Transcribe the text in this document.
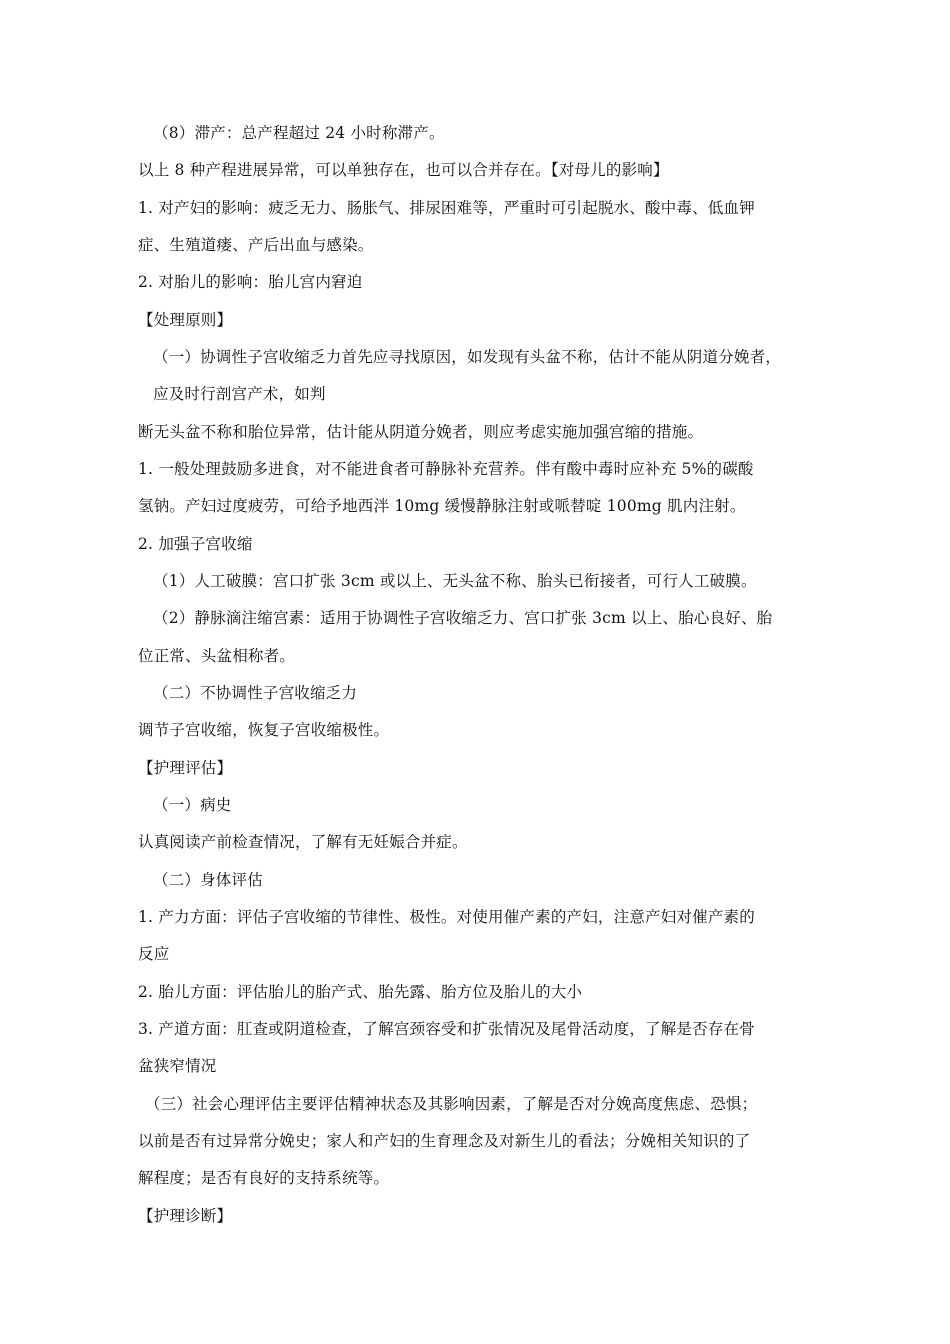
（8）滞产：总产程超过 24 小时称滞产。
以上 8 种产程进展异常，可以单独存在，也可以合并存在。【对母儿的影响】
1. 对产妇的影响：疲乏无力、肠胀气、排尿困难等，严重时可引起脱水、酸中毒、低血钾
症、生殖道瘘、产后出血与感染。
2. 对胎儿的影响：胎儿宫内窘迫
【处理原则】
（一）协调性子宫收缩乏力首先应寻找原因，如发现有头盆不称，估计不能从阴道分娩者，
应及时行剖宫产术，如判
断无头盆不称和胎位异常，估计能从阴道分娩者，则应考虑实施加强宫缩的措施。
1. 一般处理鼓励多进食，对不能进食者可静脉补充营养。伴有酸中毒时应补充 5%的碳酸
氢钠。产妇过度疲劳，可给予地西泮 10mg 缓慢静脉注射或哌替啶 100mg 肌内注射。
2. 加强子宫收缩
（1）人工破膜：宫口扩张 3cm 或以上、无头盆不称、胎头已衔接者，可行人工破膜。
（2）静脉滴注缩宫素：适用于协调性子宫收缩乏力、宫口扩张 3cm 以上、胎心良好、胎
位正常、头盆相称者。
（二）不协调性子宫收缩乏力
调节子宫收缩，恢复子宫收缩极性。
【护理评估】
（一）病史
认真阅读产前检查情况，了解有无妊娠合并症。
（二）身体评估
1. 产力方面：评估子宫收缩的节律性、极性。对使用催产素的产妇，注意产妇对催产素的
反应
2. 胎儿方面：评估胎儿的胎产式、胎先露、胎方位及胎儿的大小
3. 产道方面：肛查或阴道检查，了解宫颈容受和扩张情况及尾骨活动度，了解是否存在骨
盆狭窄情况
（三）社会心理评估主要评估精神状态及其影响因素，了解是否对分娩高度焦虑、恐惧；
以前是否有过异常分娩史；家人和产妇的生育理念及对新生儿的看法；分娩相关知识的了
解程度；是否有良好的支持系统等。
【护理诊断】
